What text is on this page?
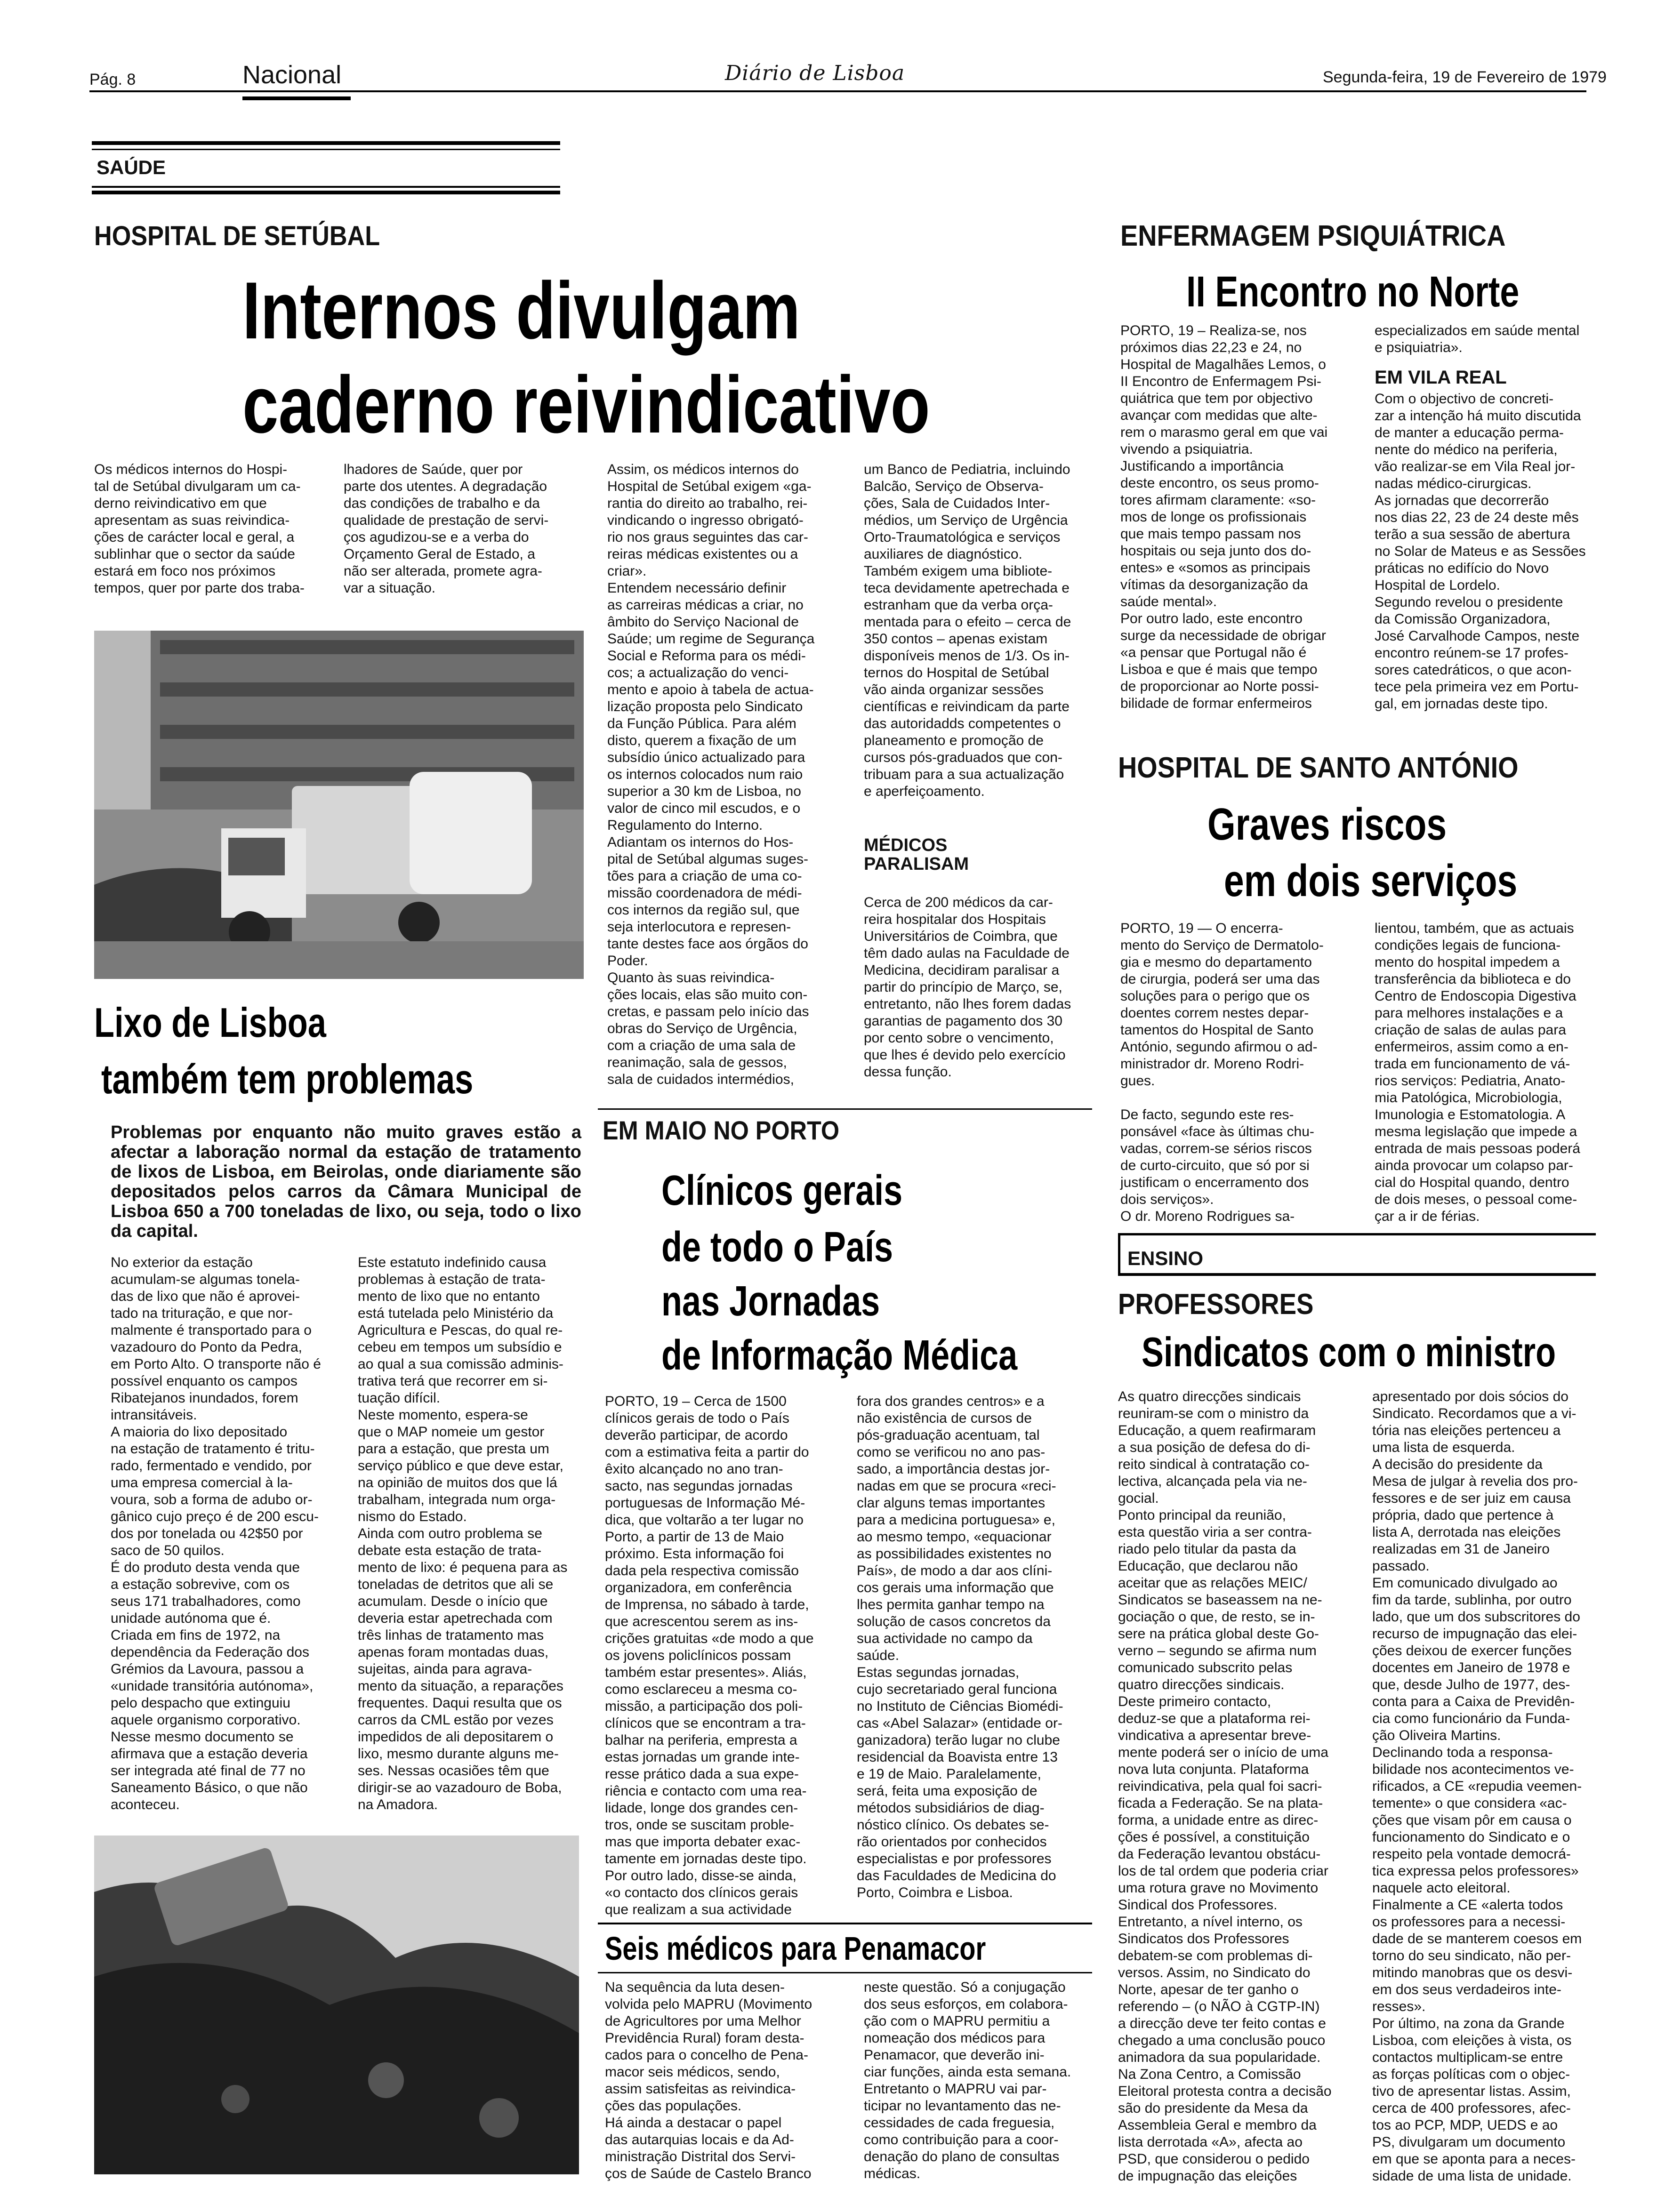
Pág. 8	Nacional	Diário de Lisboa	Segunda-feira, 19 de Fevereiro de 1979
SAÚDE
HOSPITAL DE SETÚBAL
Internos divulgam
caderno reivindicativo

Os médicos internos do Hospi-
tal de Setúbal divulgaram um ca-
derno reivindicativo em que
apresentam as suas reivindica-
ções de carácter local e geral, a
sublinhar que o sector da saúde
estará em foco nos próximos
tempos, quer por parte dos traba-

lhadores de Saúde, quer por
parte dos utentes. A degradação
das condições de trabalho e da
qualidade de prestação de servi-
ços agudizou-se e a verba do
Orçamento Geral de Estado, a
não ser alterada, promete agra-
var a situação.

Assim, os médicos internos do
Hospital de Setúbal exigem «ga-
rantia do direito ao trabalho, rei-
vindicando o ingresso obrigató-
rio nos graus seguintes das car-
reiras médicas existentes ou a
criar».
Entendem necessário definir
as carreiras médicas a criar, no
âmbito do Serviço Nacional de
Saúde; um regime de Segurança
Social e Reforma para os médi-
cos; a actualização do venci-
mento e apoio à tabela de actua-
lização proposta pelo Sindicato
da Função Pública. Para além
disto, querem a fixação de um
subsídio único actualizado para
os internos colocados num raio
superior a 30 km de Lisboa, no
valor de cinco mil escudos, e o
Regulamento do Interno.
Adiantam os internos do Hos-
pital de Setúbal algumas suges-
tões para a criação de uma co-
missão coordenadora de médi-
cos internos da região sul, que
seja interlocutora e represen-
tante destes face aos órgãos do
Poder.
Quanto às suas reivindica-
ções locais, elas são muito con-
cretas, e passam pelo início das
obras do Serviço de Urgência,
com a criação de uma sala de
reanimação, sala de gessos,
sala de cuidados intermédios,

um Banco de Pediatria, incluindo
Balcão, Serviço de Observa-
ções, Sala de Cuidados Inter-
médios, um Serviço de Urgência
Orto-Traumatológica e serviços
auxiliares de diagnóstico.
Também exigem uma bibliote-
teca devidamente apetrechada e
estranham que da verba orça-
mentada para o efeito – cerca de
350 contos – apenas existam
disponíveis menos de 1/3. Os in-
ternos do Hospital de Setúbal
vão ainda organizar sessões
científicas e reivindicam da parte
das autoridadds competentes o
planeamento e promoção de
cursos pós-graduados que con-
tribuam para a sua actualização
e aperfeiçoamento.

MÉDICOS
PARALISAM

Cerca de 200 médicos da car-
reira hospitalar dos Hospitais
Universitários de Coimbra, que
têm dado aulas na Faculdade de
Medicina, decidiram paralisar a
partir do princípio de Março, se,
entretanto, não lhes forem dadas
garantias de pagamento dos 30
por cento sobre o vencimento,
que lhes é devido pelo exercício
dessa função.

Lixo de Lisboa
também tem problemas

Problemas por enquanto não muito graves estão a afectar a laboração normal da estação de tratamento de lixos de Lisboa, em Beirolas, onde diariamente são depositados pelos carros da Câmara Municipal de Lisboa 650 a 700 toneladas de lixo, ou seja, todo o lixo da capital.

No exterior da estação
acumulam-se algumas tonela-
das de lixo que não é aprovei-
tado na trituração, e que nor-
malmente é transportado para o
vazadouro do Ponto da Pedra,
em Porto Alto. O transporte não é
possível enquanto os campos
Ribatejanos inundados, forem
intransitáveis.
A maioria do lixo depositado
na estação de tratamento é tritu-
rado, fermentado e vendido, por
uma empresa comercial à la-
voura, sob a forma de adubo or-
gânico cujo preço é de 200 escu-
dos por tonelada ou 42$50 por
saco de 50 quilos.
É do produto desta venda que
a estação sobrevive, com os
seus 171 trabalhadores, como
unidade autónoma que é.
Criada em fins de 1972, na
dependência da Federação dos
Grémios da Lavoura, passou a
«unidade transitória autónoma»,
pelo despacho que extinguiu
aquele organismo corporativo.
Nesse mesmo documento se
afirmava que a estação deveria
ser integrada até final de 77 no
Saneamento Básico, o que não
aconteceu.

Este estatuto indefinido causa
problemas à estação de trata-
mento de lixo que no entanto
está tutelada pelo Ministério da
Agricultura e Pescas, do qual re-
cebeu em tempos um subsídio e
ao qual a sua comissão adminis-
trativa terá que recorrer em si-
tuação difícil.
Neste momento, espera-se
que o MAP nomeie um gestor
para a estação, que presta um
serviço público e que deve estar,
na opinião de muitos dos que lá
trabalham, integrada num orga-
nismo do Estado.
Ainda com outro problema se
debate esta estação de trata-
mento de lixo: é pequena para as
toneladas de detritos que ali se
acumulam. Desde o início que
deveria estar apetrechada com
três linhas de tratamento mas
apenas foram montadas duas,
sujeitas, ainda para agrava-
mento da situação, a reparações
frequentes. Daqui resulta que os
carros da CML estão por vezes
impedidos de ali depositarem o
lixo, mesmo durante alguns me-
ses. Nessas ocasiões têm que
dirigir-se ao vazadouro de Boba,
na Amadora.

EM MAIO NO PORTO
Clínicos gerais
de todo o País
nas Jornadas
de Informação Médica

PORTO, 19 – Cerca de 1500
clínicos gerais de todo o País
deverão participar, de acordo
com a estimativa feita a partir do
êxito alcançado no ano tran-
sacto, nas segundas jornadas
portuguesas de Informação Mé-
dica, que voltarão a ter lugar no
Porto, a partir de 13 de Maio
próximo. Esta informação foi
dada pela respectiva comissão
organizadora, em conferência
de Imprensa, no sábado à tarde,
que acrescentou serem as ins-
crições gratuitas «de modo a que
os jovens policlínicos possam
também estar presentes». Aliás,
como esclareceu a mesma co-
missão, a participação dos poli-
clínicos que se encontram a tra-
balhar na periferia, empresta a
estas jornadas um grande inte-
resse prático dada a sua expe-
riência e contacto com uma rea-
lidade, longe dos grandes cen-
tros, onde se suscitam proble-
mas que importa debater exac-
tamente em jornadas deste tipo.
Por outro lado, disse-se ainda,
«o contacto dos clínicos gerais
que realizam a sua actividade

fora dos grandes centros» e a
não existência de cursos de
pós-graduação acentuam, tal
como se verificou no ano pas-
sado, a importância destas jor-
nadas em que se procura «reci-
clar alguns temas importantes
para a medicina portuguesa» e,
ao mesmo tempo, «equacionar
as possibilidades existentes no
País», de modo a dar aos clíni-
cos gerais uma informação que
lhes permita ganhar tempo na
solução de casos concretos da
sua actividade no campo da
saúde.
Estas segundas jornadas,
cujo secretariado geral funciona
no Instituto de Ciências Biomédi-
cas «Abel Salazar» (entidade or-
ganizadora) terão lugar no clube
residencial da Boavista entre 13
e 19 de Maio. Paralelamente,
será, feita uma exposição de
métodos subsidiários de diag-
nóstico clínico. Os debates se-
rão orientados por conhecidos
especialistas e por professores
das Faculdades de Medicina do
Porto, Coimbra e Lisboa.

Seis médicos para Penamacor

Na sequência da luta desen-
volvida pelo MAPRU (Movimento
de Agricultores por uma Melhor
Previdência Rural) foram desta-
cados para o concelho de Pena-
macor seis médicos, sendo,
assim satisfeitas as reivindica-
ções das populações.
Há ainda a destacar o papel
das autarquias locais e da Ad-
ministração Distrital dos Servi-
ços de Saúde de Castelo Branco

neste questão. Só a conjugação
dos seus esforços, em colabora-
ção com o MAPRU permitiu a
nomeação dos médicos para
Penamacor, que deverão ini-
ciar funções, ainda esta semana.
Entretanto o MAPRU vai par-
ticipar no levantamento das ne-
cessidades de cada freguesia,
como contribuição para a coor-
denação do plano de consultas
médicas.

ENFERMAGEM PSIQUIÁTRICA
II Encontro no Norte

PORTO, 19 – Realiza-se, nos
próximos dias 22,23 e 24, no
Hospital de Magalhães Lemos, o
II Encontro de Enfermagem Psi-
quiátrica que tem por objectivo
avançar com medidas que alte-
rem o marasmo geral em que vai
vivendo a psiquiatria.
Justificando a importância
deste encontro, os seus promo-
tores afirmam claramente: «so-
mos de longe os profissionais
que mais tempo passam nos
hospitais ou seja junto dos do-
entes» e «somos as principais
vítimas da desorganização da
saúde mental».
Por outro lado, este encontro
surge da necessidade de obrigar
«a pensar que Portugal não é
Lisboa e que é mais que tempo
de proporcionar ao Norte possi-
bilidade de formar enfermeiros

especializados em saúde mental
e psiquiatria».

EM VILA REAL

Com o objectivo de concreti-
zar a intenção há muito discutida
de manter a educação perma-
nente do médico na periferia,
vão realizar-se em Vila Real jor-
nadas médico-cirurgicas.
As jornadas que decorrerão
nos dias 22, 23 de 24 deste mês
terão a sua sessão de abertura
no Solar de Mateus e as Sessões
práticas no edifício do Novo
Hospital de Lordelo.
Segundo revelou o presidente
da Comissão Organizadora,
José Carvalhode Campos, neste
encontro reúnem-se 17 profes-
sores catedráticos, o que acon-
tece pela primeira vez em Portu-
gal, em jornadas deste tipo.

HOSPITAL DE SANTO ANTÓNIO
Graves riscos
em dois serviços

PORTO, 19 — O encerra-
mento do Serviço de Dermatolo-
gia e mesmo do departamento
de cirurgia, poderá ser uma das
soluções para o perigo que os
doentes correm nestes depar-
tamentos do Hospital de Santo
António, segundo afirmou o ad-
ministrador dr. Moreno Rodri-
gues.

De facto, segundo este res-
ponsável «face às últimas chu-
vadas, correm-se sérios riscos
de curto-circuito, que só por si
justificam o encerramento dos
dois serviços».
O dr. Moreno Rodrigues sa-

lientou, também, que as actuais
condições legais de funciona-
mento do hospital impedem a
transferência da biblioteca e do
Centro de Endoscopia Digestiva
para melhores instalações e a
criação de salas de aulas para
enfermeiros, assim como a en-
trada em funcionamento de vá-
rios serviços: Pediatria, Anato-
mia Patológica, Microbiologia,
Imunologia e Estomatologia. A
mesma legislação que impede a
entrada de mais pessoas poderá
ainda provocar um colapso par-
cial do Hospital quando, dentro
de dois meses, o pessoal come-
çar a ir de férias.

ENSINO
PROFESSORES
Sindicatos com o ministro

As quatro direcções sindicais
reuniram-se com o ministro da
Educação, a quem reafirmaram
a sua posição de defesa do di-
reito sindical à contratação co-
lectiva, alcançada pela via ne-
gocial.
Ponto principal da reunião,
esta questão viria a ser contra-
riado pelo titular da pasta da
Educação, que declarou não
aceitar que as relações MEIC/
Sindicatos se baseassem na ne-
gociação o que, de resto, se in-
sere na prática global deste Go-
verno – segundo se afirma num
comunicado subscrito pelas
quatro direcções sindicais.
Deste primeiro contacto,
deduz-se que a plataforma rei-
vindicativa a apresentar breve-
mente poderá ser o início de uma
nova luta conjunta. Plataforma
reivindicativa, pela qual foi sacri-
ficada a Federação. Se na plata-
forma, a unidade entre as direc-
ções é possível, a constituição
da Federação levantou obstácu-
los de tal ordem que poderia criar
uma rotura grave no Movimento
Sindical dos Professores.
Entretanto, a nível interno, os
Sindicatos dos Professores
debatem-se com problemas di-
versos. Assim, no Sindicato do
Norte, apesar de ter ganho o
referendo – (o NÃO à CGTP-IN)
a direcção deve ter feito contas e
chegado a uma conclusão pouco
animadora da sua popularidade.
Na Zona Centro, a Comissão
Eleitoral protesta contra a decisão
são do presidente da Mesa da
Assembleia Geral e membro da
lista derrotada «A», afecta ao
PSD, que considerou o pedido
de impugnação das eleições

apresentado por dois sócios do
Sindicato. Recordamos que a vi-
tória nas eleições pertenceu a
uma lista de esquerda.
A decisão do presidente da
Mesa de julgar à revelia dos pro-
fessores e de ser juiz em causa
própria, dado que pertence à
lista A, derrotada nas eleições
realizadas em 31 de Janeiro
passado.
Em comunicado divulgado ao
fim da tarde, sublinha, por outro
lado, que um dos subscritores do
recurso de impugnação das elei-
ções deixou de exercer funções
docentes em Janeiro de 1978 e
que, desde Julho de 1977, des-
conta para a Caixa de Previdên-
cia como funcionário da Funda-
ção Oliveira Martins.
Declinando toda a responsa-
bilidade nos acontecimentos ve-
rificados, a CE «repudia veemen-
temente» o que considera «ac-
ções que visam pôr em causa o
funcionamento do Sindicato e o
respeito pela vontade democrá-
tica expressa pelos professores»
naquele acto eleitoral.
Finalmente a CE «alerta todos
os professores para a necessi-
dade de se manterem coesos em
torno do seu sindicato, não per-
mitindo manobras que os desvi-
em dos seus verdadeiros inte-
resses».
Por último, na zona da Grande
Lisboa, com eleições à vista, os
contactos multiplicam-se entre
as forças políticas com o objec-
tivo de apresentar listas. Assim,
cerca de 400 professores, afec-
tos ao PCP, MDP, UEDS e ao
PS, divulgaram um documento
em que se aponta para a neces-
sidade de uma lista de unidade.
